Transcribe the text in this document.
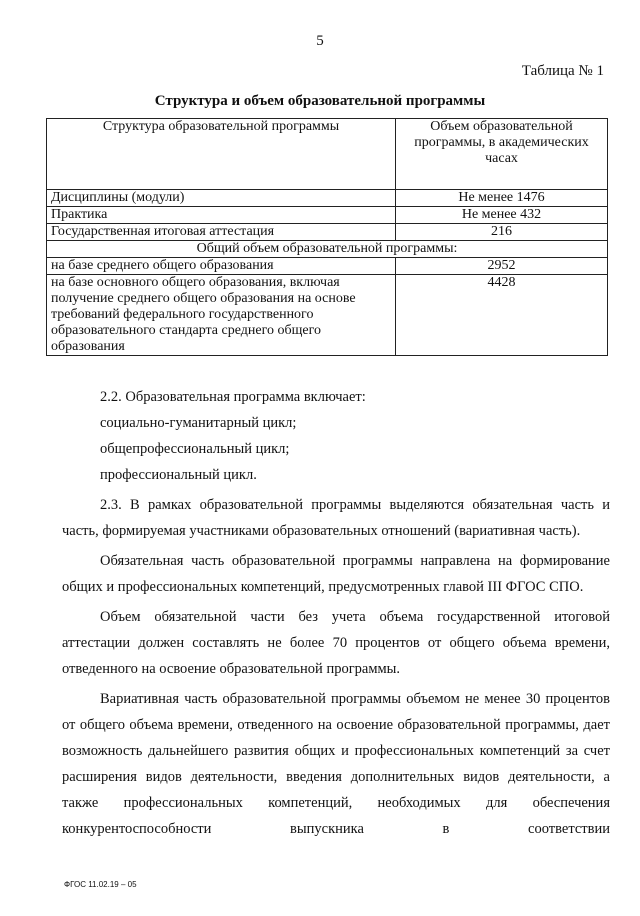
5
Таблица № 1
Структура и объем образовательной программы
Структура образовательной программы	Объем образовательной программы, в академических часах
Дисциплины (модули)	Не менее 1476
Практика	Не менее 432
Государственная итоговая аттестация	216
Общий объем образовательной программы:	
на базе среднего общего образования	2952
на базе основного общего образования, включая получение среднего общего образования на основе требований федерального государственного образовательного стандарта среднего общего образования	4428

2.2. Образовательная программа включает:

социально-гуманитарный цикл;

общепрофессиональный цикл;

профессиональный цикл.

2.3. В рамках образовательной программы выделяются обязательная часть и часть, формируемая участниками образовательных отношений (вариативная часть).

Обязательная часть образовательной программы направлена на формирование общих и профессиональных компетенций, предусмотренных главой III ФГОС СПО.

Объем обязательной части без учета объема государственной итоговой аттестации должен составлять не более 70 процентов от общего объема времени, отведенного на освоение образовательной программы.

Вариативная часть образовательной программы объемом не менее 30 процентов от общего объема времени, отведенного на освоение образовательной программы, дает возможность дальнейшего развития общих и профессиональных компетенций за счет расширения видов деятельности, введения дополнительных видов деятельности, а также профессиональных компетенций, необходимых для обеспечения конкурентоспособности выпускника в соответствии

ФГОС 11.02.19 – 05
